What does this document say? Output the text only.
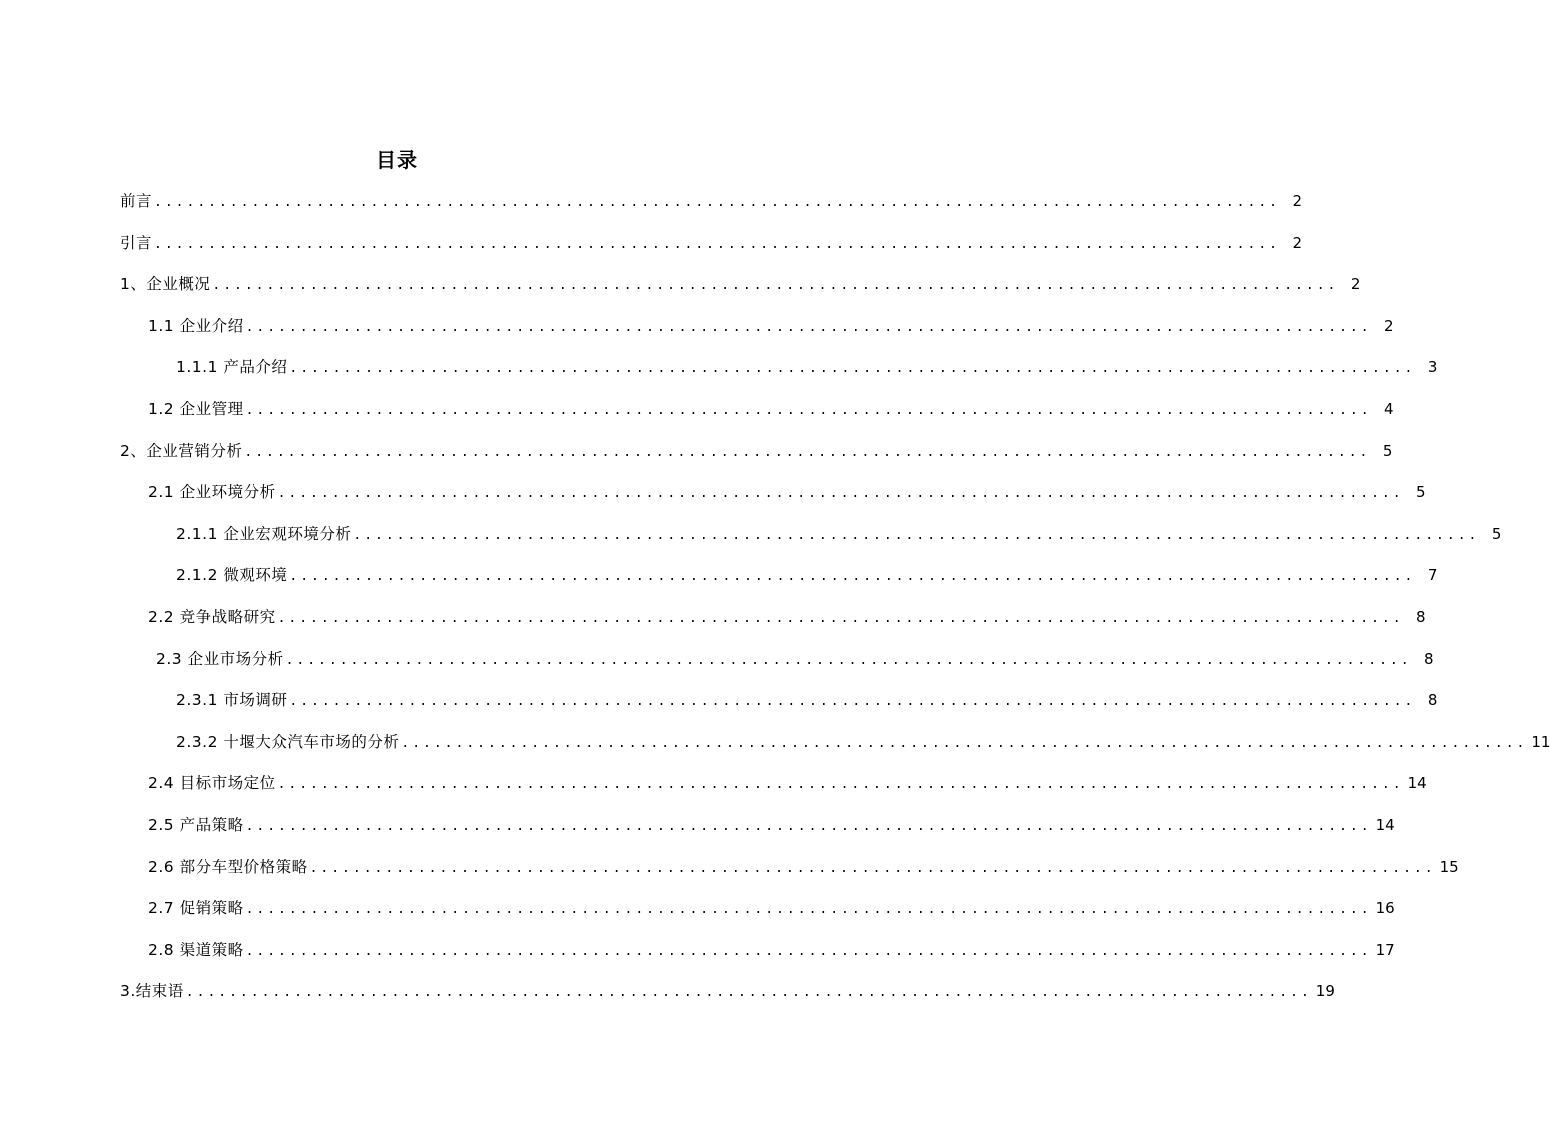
目录
前言 ........................................................................................................ 2
引言 ........................................................................................................ 2
1、企业概况 ........................................................................................................ 2
1.1 企业介绍 ........................................................................................................ 2
1.1.1 产品介绍 ........................................................................................................ 3
1.2 企业管理 ........................................................................................................ 4
2、企业营销分析 ........................................................................................................ 5
2.1 企业环境分析 ........................................................................................................ 5
2.1.1 企业宏观环境分析 ........................................................................................................ 5
2.1.2 微观环境 ........................................................................................................ 7
2.2 竞争战略研究 ........................................................................................................ 8
2.3 企业市场分析 ........................................................................................................ 8
2.3.1 市场调研 ........................................................................................................ 8
2.3.2 十堰大众汽车市场的分析 ........................................................................................................ 11
2.4 目标市场定位 ........................................................................................................ 14
2.5 产品策略 ........................................................................................................ 14
2.6 部分车型价格策略 ........................................................................................................ 15
2.7 促销策略 ........................................................................................................ 16
2.8 渠道策略 ........................................................................................................ 17
3.结束语 ........................................................................................................ 19
